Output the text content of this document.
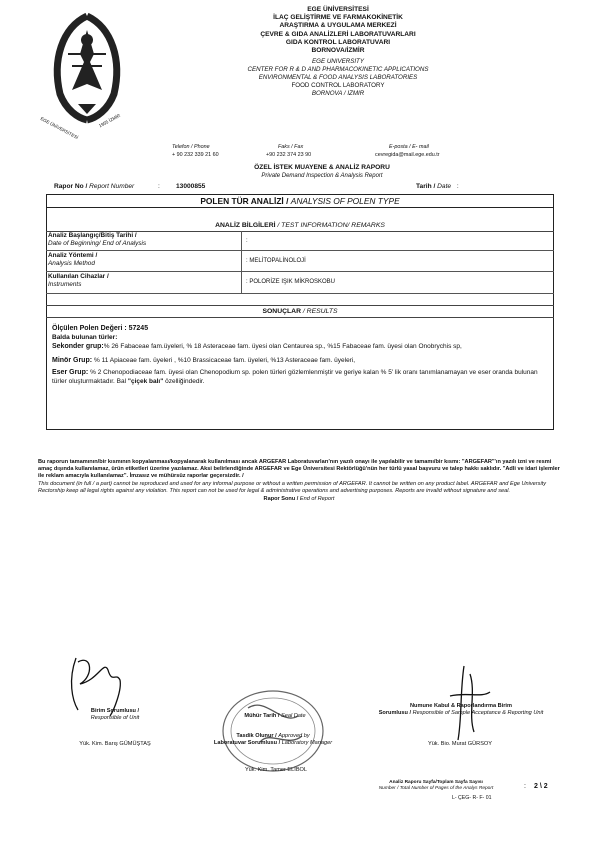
EGE ÜNİVERSİTESİ	1955 İZMİR
EGE ÜNİVERSİTESİ
İLAÇ GELİŞTİRME VE FARMAKOKİNETİK
ARAŞTIRMA & UYGULAMA MERKEZİ
ÇEVRE & GIDA ANALİZLERİ LABORATUVARLARI
GIDA KONTROL LABORATUVARI
BORNOVA/İZMİR
EGE UNIVERSITY
CENTER FOR R & D AND PHARMACOKINETIC APPLICATIONS
ENVIRONMENTAL & FOOD ANALYSIS LABORATORIES
FOOD CONTROL LABORATORY
BORNOVA / IZMIR
Telefon / Phone
+ 90 232 339 21 60
Faks / Fax
+90 232 374 23 90
E-posta / E- mail
cevregida@mail.ege.edu.tr
ÖZEL İSTEK MUAYENE & ANALİZ RAPORU
Private Demand Inspection & Analysis Report
Rapor No / Report Number	: 13000855	Tarih / Date :
POLEN TÜR ANALİZİ / ANALYSIS OF POLEN TYPE
ANALİZ BİLGİLERİ / TEST INFORMATION/ REMARKS
Analiz Başlangıç/Bitiş Tarihi /
Date of Beginning/ End of Analysis	:
Analiz Yöntemi /
Analysis Method	: MELİTOPALİNOLOJİ
Kullanılan Cihazlar /
Instruments	: POLORİZE IŞIK MİKROSKOBU
SONUÇLAR / RESULTS
Ölçülen Polen Değeri : 57245
Balda bulunan türler:
Sekonder grup:% 26 Fabaceae fam.üyeleri, % 18 Asteraceae fam. üyesi olan Centaurea sp., %15 Fabaceae fam. üyesi olan Onobrychis sp,
Minör Grup: % 11 Apiaceae fam. üyeleri , %10 Brassicaceae fam. üyeleri, %13 Asteraceae fam. üyeleri,
Eser Grup: % 2 Chenopodiaceae fam. üyesi olan Chenopodium sp. polen türleri gözlemlenmiştir ve geriye kalan % 5' lik oranı tanımlanamayan ve eser oranda bulunan türler oluşturmaktadır. Bal "çiçek balı" özelliğindedir.
Bu raporun tamamının/bir kısmının kopyalanması/kopyalanarak kullanılması ancak ARGEFAR Laboratuvarları'nın yazılı onayı ile yapılabilir ve tamamı/bir kısmı: "ARGEFAR"'ın yazılı izni ve resmi amaç dışında kullanılamaz, ürün etiketleri üzerine yazılamaz. Aksi belirlendiğinde ARGEFAR ve Ege Üniversitesi Rektörlüğü'nün her türlü yasal başvuru ve talep hakkı saklıdır. "Adli ve idari işlemler ile reklam amacıyla kullanılamaz". İmzasız ve mühürsüz raporlar geçersizdir. /
This document (in full / a part) cannot be reproduced and used for any informal purpose or without a written permission of ARGEFAR. It cannot be written on any product label. ARGEFAR and Ege University Rectorship keep all legal rights against any violation. This report can not be used for legal & administrative operations and advertising purposes. Reports are invalid without signature and seal.
Rapor Sonu / End of Report
Birim Sorumlusu /
Responsible of Unit
Yük. Kim. Barış GÜMÜŞTAŞ
Mühür Tarih / Seal Date
Tasdik Olunur / Approved by
Laboratuvar Sorumlusu / Laboratory Manager
Yük. Kim. Tamer ELİBOL
Numune Kabul & Raporlandırma Birim
Sorumlusu / Responsible of Sample Acceptance & Reporting Unit
Yük. Bio. Murat GÜRSOY
Analiz Raporu Sayfa/Toplam Sayfa Sayısı
Number / Total Number of Pages of the Analys Report	: 2 \ 2
L- ÇEG- R- F- 01
